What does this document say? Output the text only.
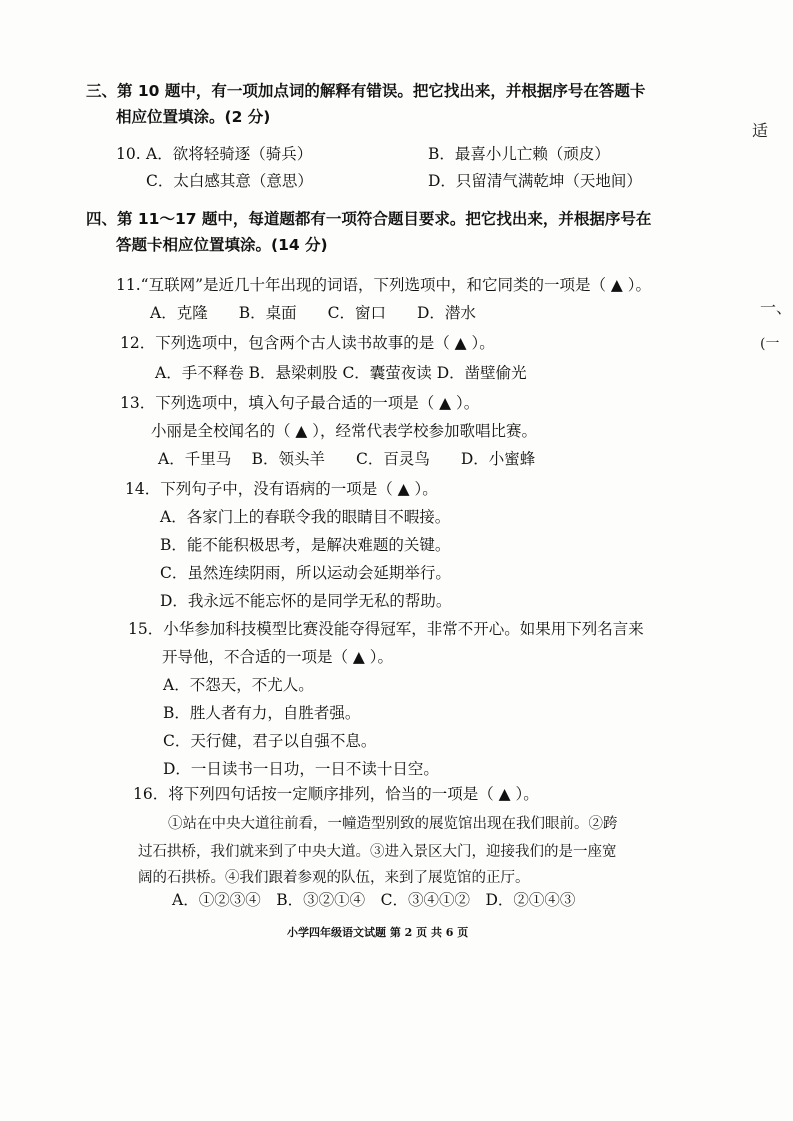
三、第 10 题中，有一项加点词的解释有错误。把它找出来，并根据序号在答题卡
相应位置填涂。(2 分)
10. A．欲将轻骑逐（骑兵）	B．最喜小儿亡赖（顽皮）
C．太白感其意（意思）	D．只留清气满乾坤（天地间）
四、第 11～17 题中，每道题都有一项符合题目要求。把它找出来，并根据序号在
答题卡相应位置填涂。(14 分)
11.“互联网”是近几十年出现的词语，下列选项中，和它同类的一项是（ ▲ ）。
A．克隆　　B．桌面　　C．窗口　　D．潜水
12．下列选项中，包含两个古人读书故事的是（ ▲ ）。
A．手不释卷 B．悬梁刺股 C．囊萤夜读 D．凿壁偷光
13．下列选项中，填入句子最合适的一项是（ ▲ ）。
小丽是全校闻名的（ ▲ ），经常代表学校参加歌唱比赛。
A．千里马　 B．领头羊　　C．百灵鸟　　D．小蜜蜂
14．下列句子中，没有语病的一项是（ ▲ ）。
A．各家门上的春联令我的眼睛目不暇接。
B．能不能积极思考，是解决难题的关键。
C．虽然连续阴雨，所以运动会延期举行。
D．我永远不能忘怀的是同学无私的帮助。
15．小华参加科技模型比赛没能夺得冠军，非常不开心。如果用下列名言来
开导他，不合适的一项是（ ▲ ）。
A．不怨天，不尤人。
B．胜人者有力，自胜者强。
C．天行健，君子以自强不息。
D．一日读书一日功，一日不读十日空。
16．将下列四句话按一定顺序排列，恰当的一项是（ ▲ ）。
①站在中央大道往前看，一幢造型别致的展览馆出现在我们眼前。②跨
过石拱桥，我们就来到了中央大道。③进入景区大门，迎接我们的是一座宽
阔的石拱桥。④我们跟着参观的队伍，来到了展览馆的正厅。
A．①②③④　B．③②①④　C．③④①②　D．②①④③
小学四年级语文试题 第 2 页 共 6 页
适
一、
(一
